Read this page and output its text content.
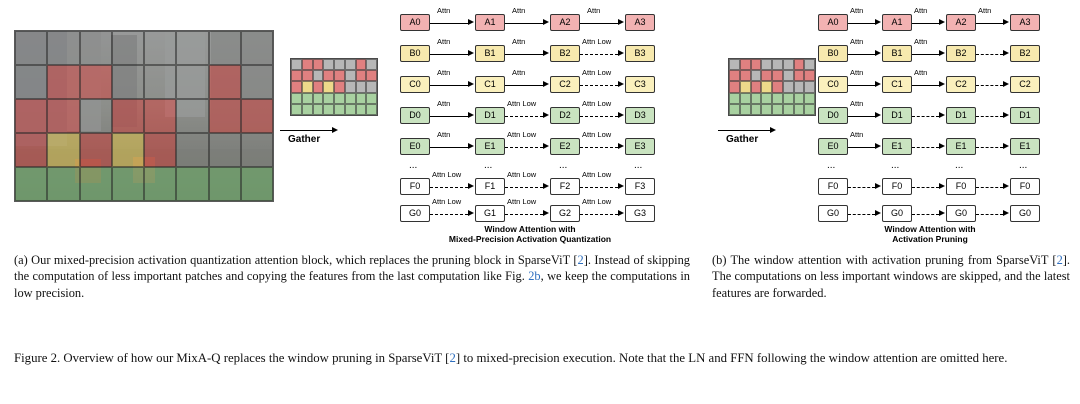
Gather
A0	A1	A2	A3
Attn	Attn	Attn
B0	B1	B2	B3
Attn	Attn	Attn Low
C0	C1	C2	C3
Attn	Attn	Attn Low
D0	D1	D2	D3
Attn	Attn Low	Attn Low
E0	E1	E2	E3
Attn	Attn Low	Attn Low
...	...	...	...
F0	F1	F2	F3
Attn Low	Attn Low	Attn Low
G0	G1	G2	G3
Attn Low	Attn Low	Attn Low
Window Attention with
Mixed-Precision Activation Quantization
Gather
A0	A1	A2	A3
Attn	Attn	Attn
B0	B1	B2	B2
Attn	Attn
C0	C1	C2	C2
Attn	Attn
D0	D1	D1	D1
Attn
E0	E1	E1	E1
Attn
...	...	...	...
F0	F0	F0	F0
G0	G0	G0	G0
Window Attention with
Activation Pruning
(a) Our mixed-precision activation quantization attention block, which replaces the pruning block in SparseViT [2]. Instead of skipping the computation of less important patches and copying the features from the last computation like Fig. 2b, we keep the computations in low precision.
(b) The window attention with activation pruning from SparseViT [2]. The computations on less important windows are skipped, and the latest features are forwarded.
Figure 2. Overview of how our MixA-Q replaces the window pruning in SparseViT [2] to mixed-precision execution. Note that the LN and FFN following the window attention are omitted here.
